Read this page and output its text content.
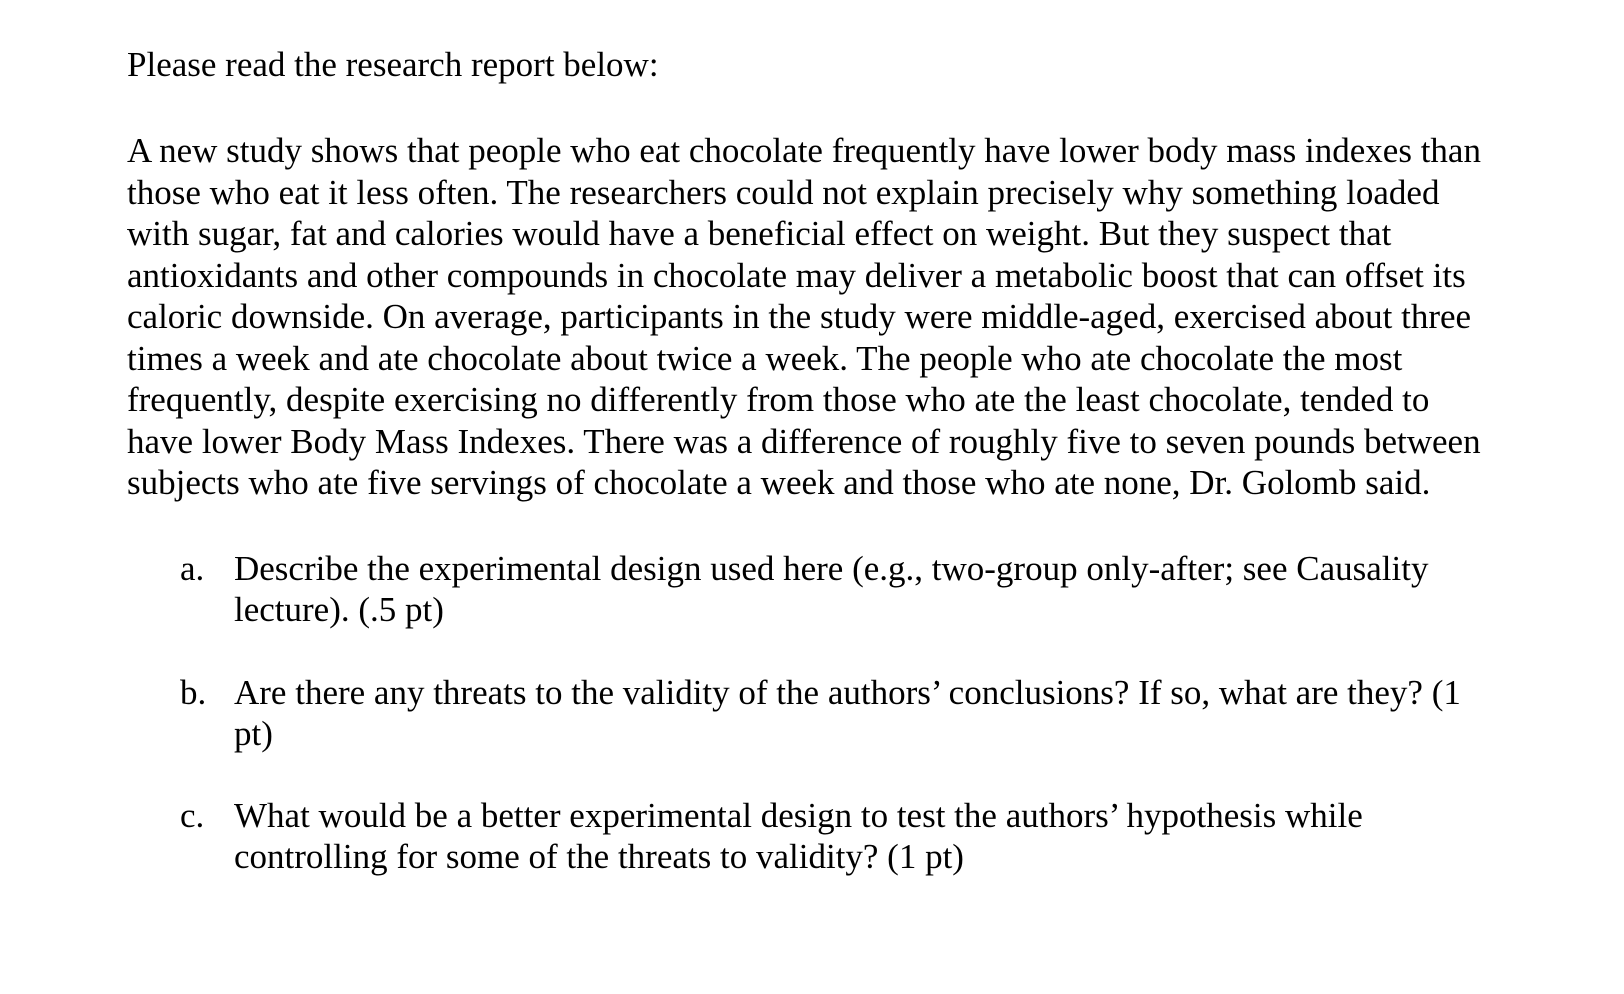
Please read the research report below:

A new study shows that people who eat chocolate frequently have lower body mass indexes than
those who eat it less often. The researchers could not explain precisely why something loaded
with sugar, fat and calories would have a beneficial effect on weight. But they suspect that
antioxidants and other compounds in chocolate may deliver a metabolic boost that can offset its
caloric downside. On average, participants in the study were middle-aged, exercised about three
times a week and ate chocolate about twice a week. The people who ate chocolate the most
frequently, despite exercising no differently from those who ate the least chocolate, tended to
have lower Body Mass Indexes. There was a difference of roughly five to seven pounds between
subjects who ate five servings of chocolate a week and those who ate none, Dr. Golomb said.
a. Describe the experimental design used here (e.g., two-group only-after; see Causality
lecture). (.5 pt)
b. Are there any threats to the validity of the authors’ conclusions? If so, what are they? (1
pt)
c. What would be a better experimental design to test the authors’ hypothesis while
controlling for some of the threats to validity? (1 pt)
